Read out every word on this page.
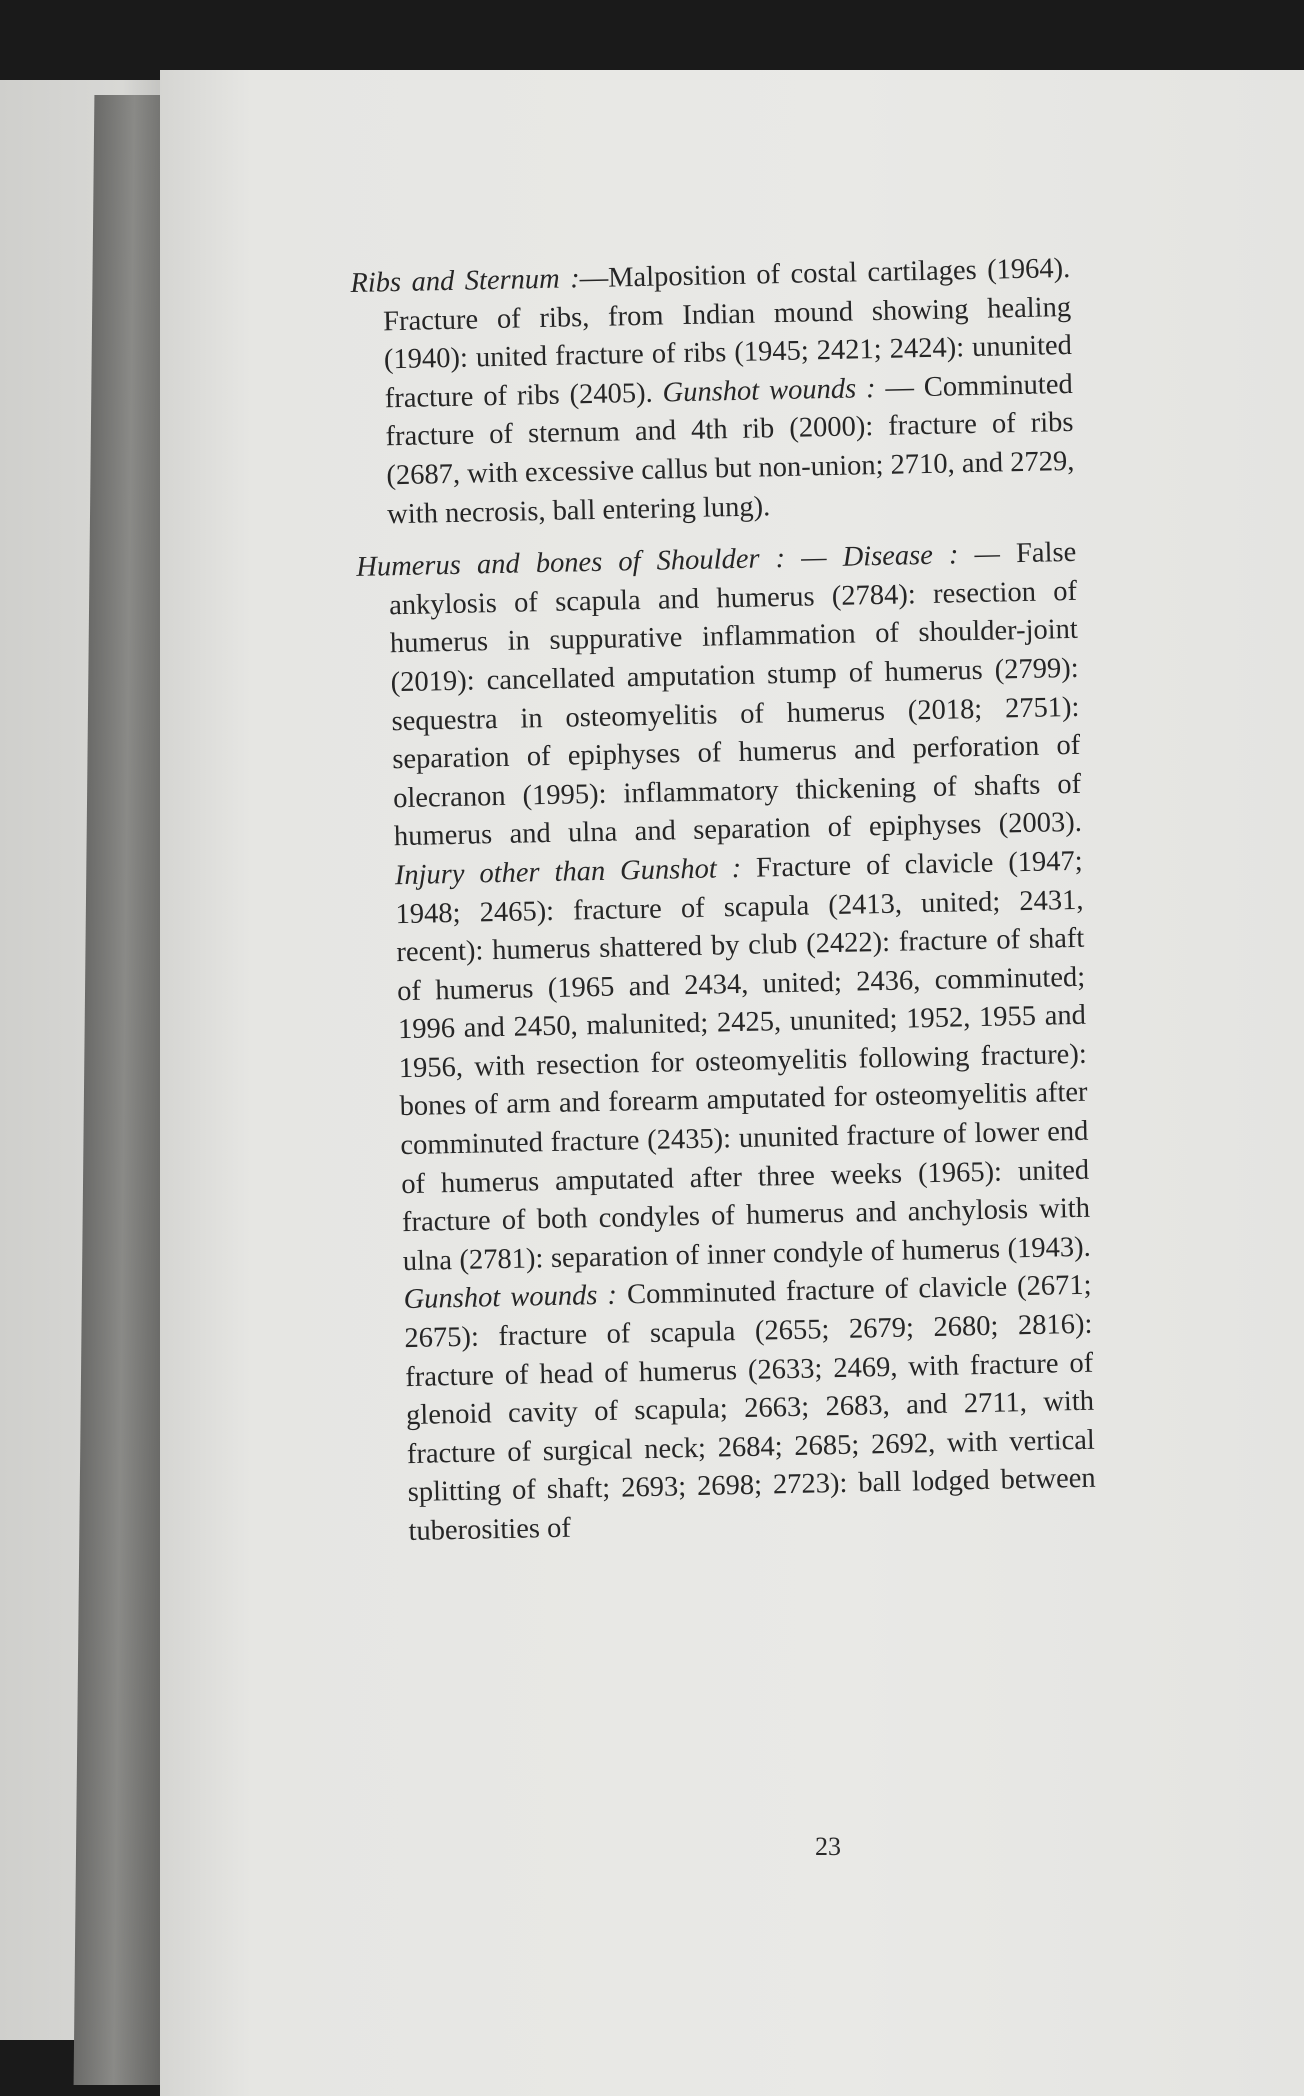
Ribs and Sternum :—Malposition of costal cartilages (1964). Fracture of ribs, from Indian mound showing healing (1940): united fracture of ribs (1945; 2421; 2424): ununited fracture of ribs (2405). Gunshot wounds : — Comminuted fracture of sternum and 4th rib (2000): fracture of ribs (2687, with excessive callus but non-union; 2710, and 2729, with necrosis, ball entering lung).

Humerus and bones of Shoulder : — Disease : — False ankylosis of scapula and humerus (2784): resection of humerus in suppurative inflammation of shoulder-joint (2019): cancellated amputation stump of humerus (2799): sequestra in osteomyelitis of humerus (2018; 2751): separation of epiphyses of humerus and perforation of olecranon (1995): inflammatory thickening of shafts of humerus and ulna and separation of epiphyses (2003). Injury other than Gunshot : Fracture of clavicle (1947; 1948; 2465): fracture of scapula (2413, united; 2431, recent): humerus shattered by club (2422): fracture of shaft of humerus (1965 and 2434, united; 2436, comminuted; 1996 and 2450, malunited; 2425, ununited; 1952, 1955 and 1956, with resection for osteomyelitis following fracture): bones of arm and forearm amputated for osteomyelitis after comminuted fracture (2435): ununited fracture of lower end of humerus amputated after three weeks (1965): united fracture of both condyles of humerus and anchylosis with ulna (2781): separation of inner condyle of humerus (1943). Gunshot wounds : Comminuted fracture of clavicle (2671; 2675): fracture of scapula (2655; 2679; 2680; 2816): fracture of head of humerus (2633; 2469, with fracture of glenoid cavity of scapula; 2663; 2683, and 2711, with fracture of surgical neck; 2684; 2685; 2692, with vertical splitting of shaft; 2693; 2698; 2723): ball lodged between tuberosities of

23
